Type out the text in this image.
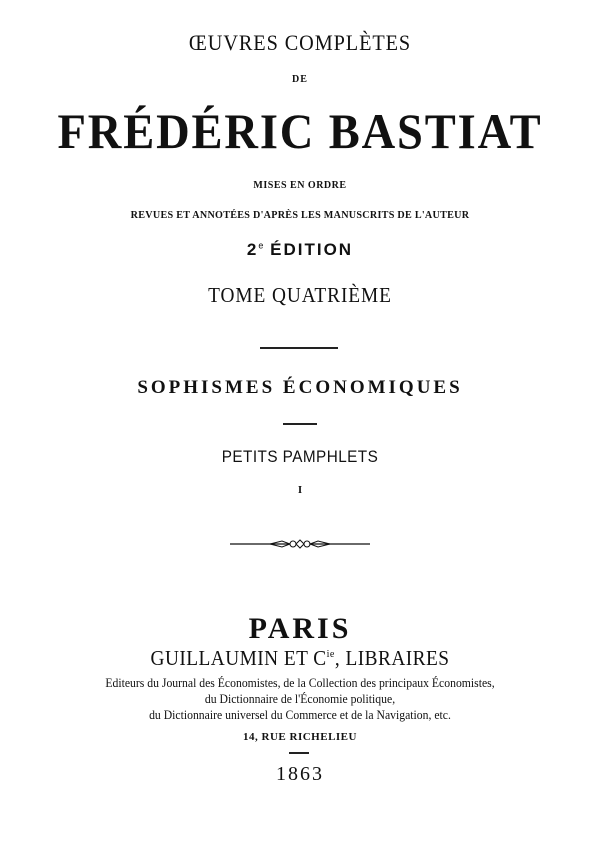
ŒUVRES COMPLÈTES
DE
FRÉDÉRIC BASTIAT
MISES EN ORDRE
REVUES ET ANNOTÉES D'APRÈS LES MANUSCRITS DE L'AUTEUR
2e ÉDITION
TOME QUATRIÈME
SOPHISMES ÉCONOMIQUES
PETITS PAMPHLETS
I
PARIS
GUILLAUMIN ET $C^{ie}$, LIBRAIRES
Editeurs du Journal des Économistes, de la Collection des principaux Économistes,
du Dictionnaire de l'Économie politique,
du Dictionnaire universel du Commerce et de la Navigation, etc.
14, RUE RICHELIEU
1863
